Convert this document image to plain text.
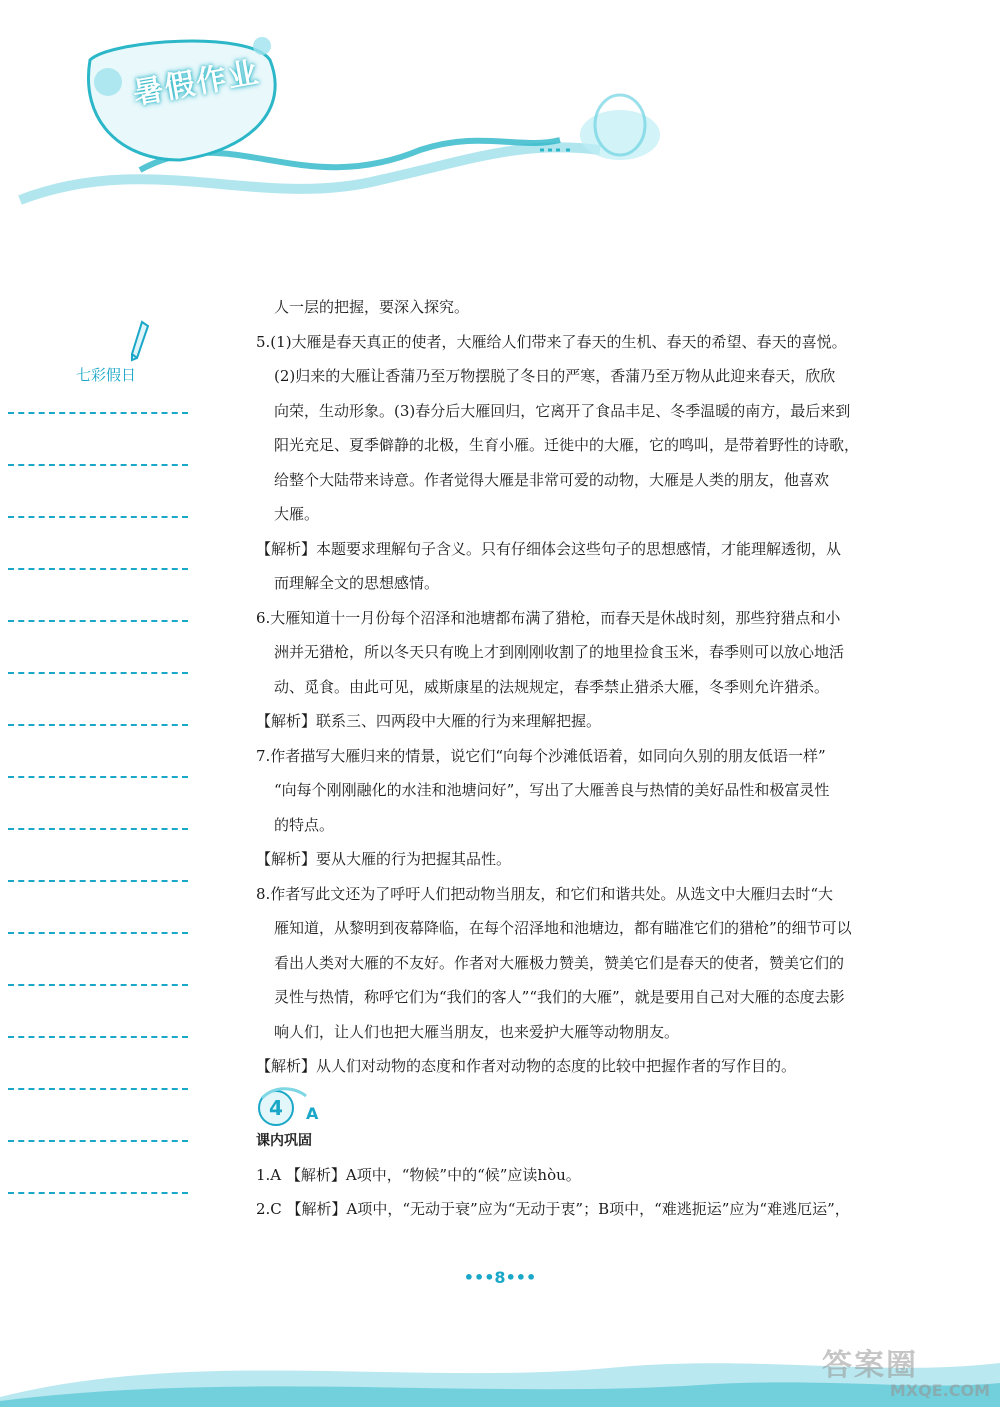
暑假作业
七彩假日
人一层的把握，要深入探究。
5.(1)大雁是春天真正的使者，大雁给人们带来了春天的生机、春天的希望、春天的喜悦。
(2)归来的大雁让香蒲乃至万物摆脱了冬日的严寒，香蒲乃至万物从此迎来春天，欣欣
向荣，生动形象。(3)春分后大雁回归，它离开了食品丰足、冬季温暖的南方，最后来到
阳光充足、夏季僻静的北极，生育小雁。迁徙中的大雁，它的鸣叫，是带着野性的诗歌，
给整个大陆带来诗意。作者觉得大雁是非常可爱的动物，大雁是人类的朋友，他喜欢
大雁。
【解析】本题要求理解句子含义。只有仔细体会这些句子的思想感情，才能理解透彻，从
而理解全文的思想感情。
6.大雁知道十一月份每个沼泽和池塘都布满了猎枪，而春天是休战时刻，那些狩猎点和小
洲并无猎枪，所以冬天只有晚上才到刚刚收割了的地里捡食玉米，春季则可以放心地活
动、觅食。由此可见，威斯康星的法规规定，春季禁止猎杀大雁，冬季则允许猎杀。
【解析】联系三、四两段中大雁的行为来理解把握。
7.作者描写大雁归来的情景，说它们“向每个沙滩低语着，如同向久别的朋友低语一样”
“向每个刚刚融化的水洼和池塘问好”，写出了大雁善良与热情的美好品性和极富灵性
的特点。
【解析】要从大雁的行为把握其品性。
8.作者写此文还为了呼吁人们把动物当朋友，和它们和谐共处。从选文中大雁归去时“大
雁知道，从黎明到夜幕降临，在每个沼泽地和池塘边，都有瞄准它们的猎枪”的细节可以
看出人类对大雁的不友好。作者对大雁极力赞美，赞美它们是春天的使者，赞美它们的
灵性与热情，称呼它们为“我们的客人”“我们的大雁”，就是要用自己对大雁的态度去影
响人们，让人们也把大雁当朋友，也来爱护大雁等动物朋友。
【解析】从人们对动物的态度和作者对动物的态度的比较中把握作者的写作目的。
4 A
课内巩固
1.A 【解析】A项中，“物候”中的“候”应读hòu。
2.C 【解析】A项中，“无动于衰”应为“无动于衷”；B项中，“难逃扼运”应为“难逃厄运”，
•••8•••
答案圈
MXQE.COM
